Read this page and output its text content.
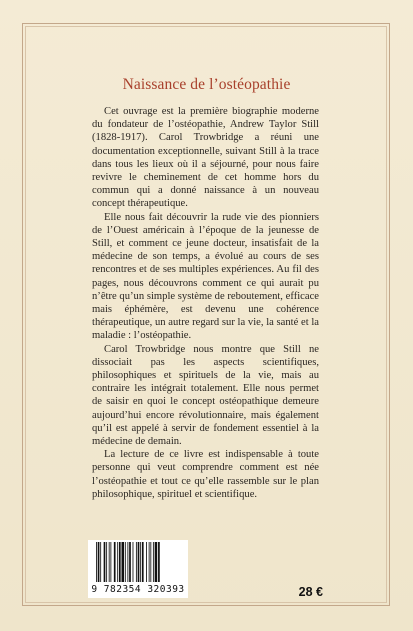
Naissance de l’ostéopathie

Cet ouvrage est la première biographie moderne du fondateur de l’ostéopathie, Andrew Taylor Still (1828-1917). Carol Trowbridge a réuni une documentation exceptionnelle, suivant Still à la trace dans tous les lieux où il a séjourné, pour nous faire revivre le cheminement de cet homme hors du commun qui a donné naissance à un nouveau concept thérapeutique.

Elle nous fait découvrir la rude vie des pionniers de l’Ouest américain à l’époque de la jeunesse de Still, et comment ce jeune docteur, insatisfait de la médecine de son temps, a évolué au cours de ses rencontres et de ses multiples expériences. Au fil des pages, nous découvrons comment ce qui aurait pu n’être qu’un simple système de reboutement, efficace mais éphémère, est devenu une cohérence thérapeutique, un autre regard sur la vie, la santé et la maladie : l’ostéopathie.

Carol Trowbridge nous montre que Still ne dissociait pas les aspects scientifiques, philosophiques et spirituels de la vie, mais au contraire les intégrait totalement. Elle nous permet de saisir en quoi le concept ostéopathique demeure aujourd’hui encore révolutionnaire, mais également qu’il est appelé à servir de fondement essentiel à la médecine de demain.

La lecture de ce livre est indispensable à toute personne qui veut comprendre comment est née l’ostéopathie et tout ce qu’elle rassemble sur le plan philosophique, spirituel et scientifique.

9 782354 320393	28 €
